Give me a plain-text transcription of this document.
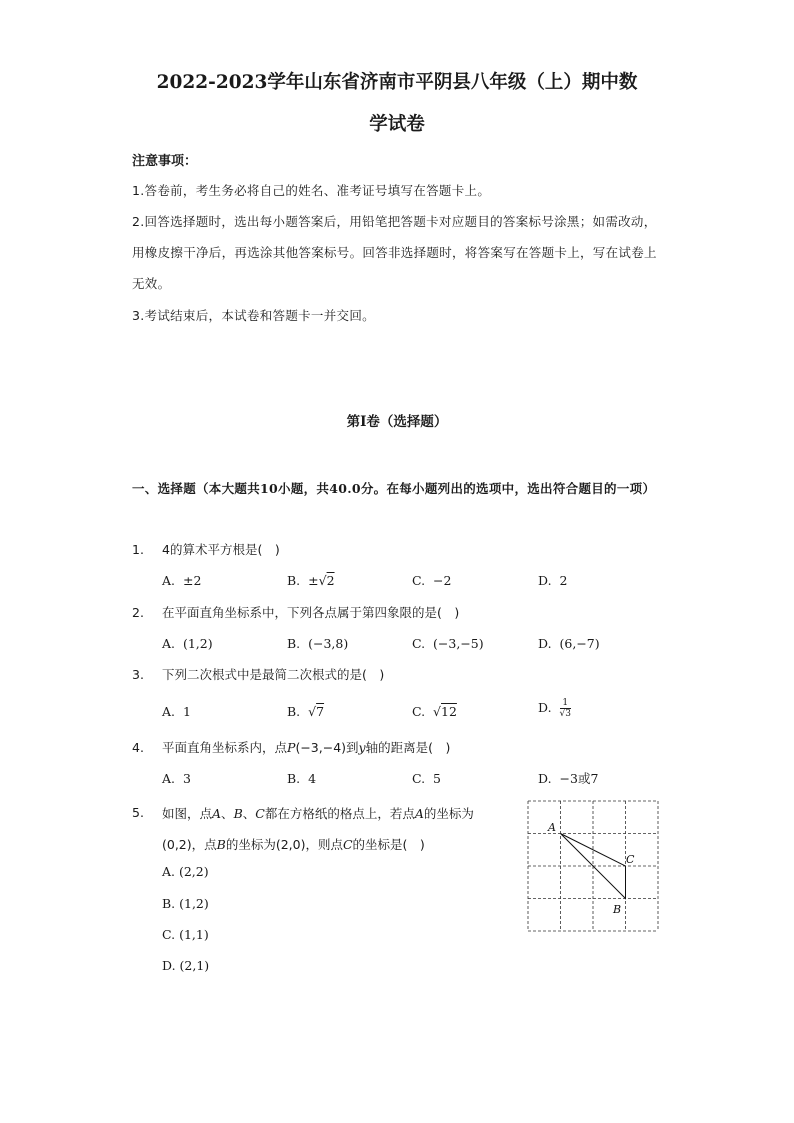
2022-2023学年山东省济南市平阴县八年级（上）期中数
学试卷
注意事项：
1.答卷前，考生务必将自己的姓名、准考证号填写在答题卡上。
2.回答选择题时，选出每小题答案后，用铅笔把答题卡对应题目的答案标号涂黑；如需改动，用橡皮擦干净后，再选涂其他答案标号。回答非选择题时，将答案写在答题卡上，写在试卷上无效。
3.考试结束后，本试卷和答题卡一并交回。
第I卷（选择题）
一、选择题（本大题共10小题，共40.0分。在每小题列出的选项中，选出符合题目的一项）
1. 4的算术平方根是(　)
A. ±2	B. ±√2	C. −2	D. 2
2. 在平面直角坐标系中，下列各点属于第四象限的是(　)
A. (1,2)	B. (−3,8)	C. (−3,−5)	D. (6,−7)
3. 下列二次根式中是最简二次根式的是(　)
A. 1	B. √7	C. √12	D. $\frac{1}{√3}$
4. 平面直角坐标系内，点P(−3,−4)到y轴的距离是(　)
A. 3	B. 4	C. 5	D. −3或7
5.	如图，点A、B、C都在方格纸的格点上，若点A的坐标为
(0,2)，点B的坐标为(2,0)，则点C的坐标是(　)
A. (2,2)
B. (1,2)
C. (1,1)
D. (2,1)
A
C
B
